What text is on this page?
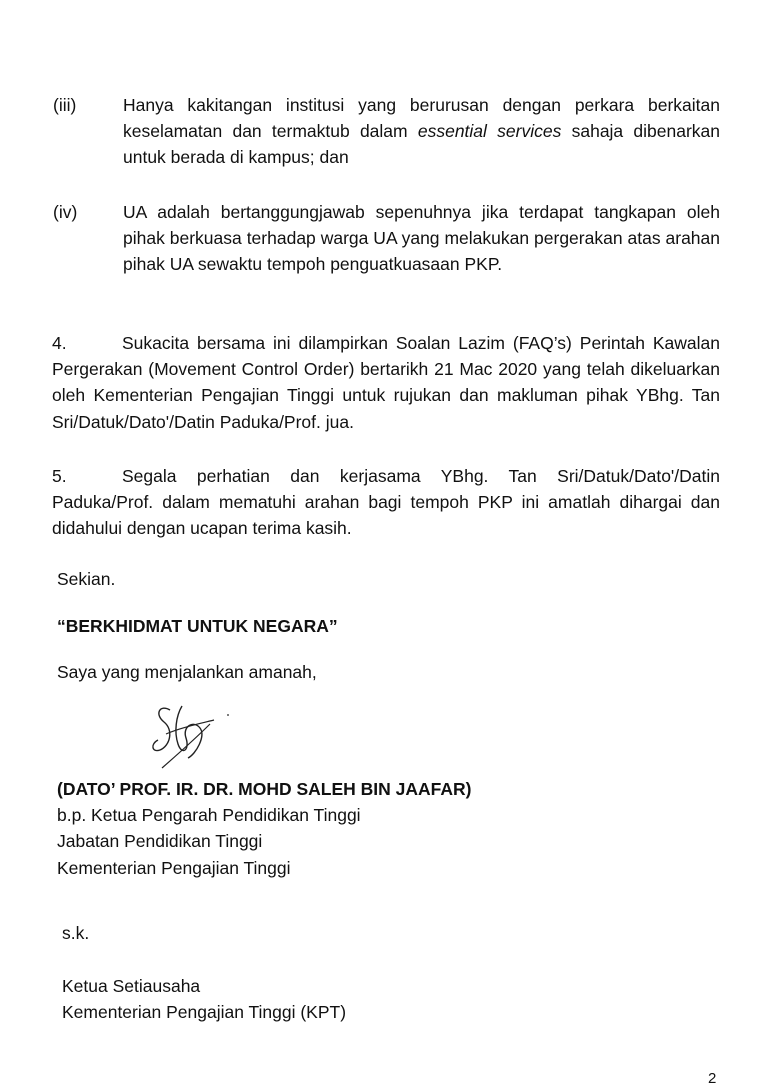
(iii)	Hanya kakitangan institusi yang berurusan dengan perkara berkaitan keselamatan dan termaktub dalam essential services sahaja dibenarkan untuk berada di kampus; dan
(iv)	UA adalah bertanggungjawab sepenuhnya jika terdapat tangkapan oleh pihak berkuasa terhadap warga UA yang melakukan pergerakan atas arahan pihak UA sewaktu tempoh penguatkuasaan PKP.
4.	Sukacita bersama ini dilampirkan Soalan Lazim (FAQ’s) Perintah Kawalan Pergerakan (Movement Control Order) bertarikh 21 Mac 2020 yang telah dikeluarkan oleh Kementerian Pengajian Tinggi untuk rujukan dan makluman pihak YBhg. Tan Sri/Datuk/Dato'/Datin Paduka/Prof. jua.
5.	Segala perhatian dan kerjasama YBhg. Tan Sri/Datuk/Dato'/Datin Paduka/Prof. dalam mematuhi arahan bagi tempoh PKP ini amatlah dihargai dan didahului dengan ucapan terima kasih.
Sekian.
“BERKHIDMAT UNTUK NEGARA”
Saya yang menjalankan amanah,
(DATO’ PROF. IR. DR. MOHD SALEH BIN JAAFAR)
b.p. Ketua Pengarah Pendidikan Tinggi
Jabatan Pendidikan Tinggi
Kementerian Pengajian Tinggi
s.k.
Ketua Setiausaha
Kementerian Pengajian Tinggi (KPT)
2
